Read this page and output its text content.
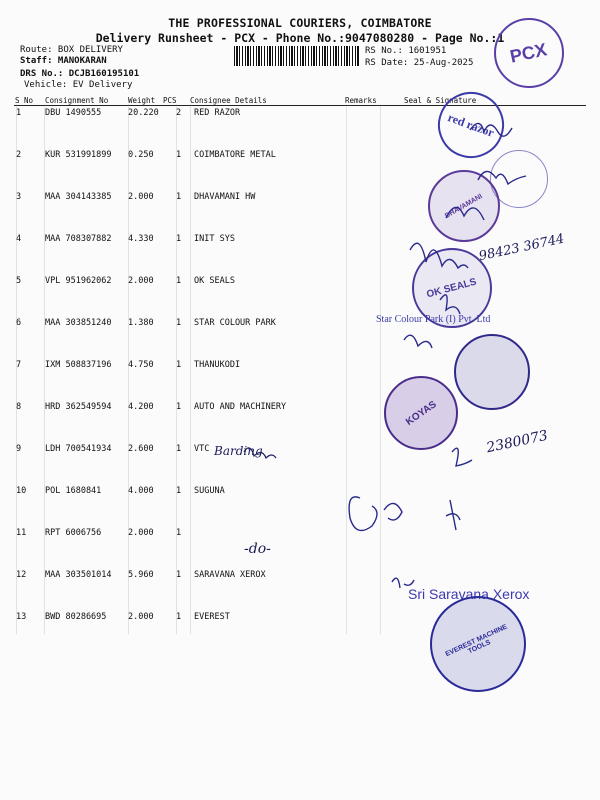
THE PROFESSIONAL COURIERS, COIMBATORE
Delivery Runsheet - PCX - Phone No.:9047080280 - Page No.:1
Route: BOX DELIVERY
Staff: MANOKARAN
DRS No.: DCJB160195101
Vehicle: EV Delivery
RS No.: 1601951
RS Date: 25-Aug-2025 PCX
S No Consignment No	Weight PCS Consignee Details	Remarks	Seal & Signature
1	DBU 1490555	20.220 2 RED RAZOR
2	KUR 531991899 0.250	1 COIMBATORE METAL
3	MAA 304143385 2.000	1 DHAVAMANI HW
4	MAA 708307882 4.330	1 INIT SYS
5	VPL 951962062 2.000	1 OK SEALS
6	MAA 303851240 1.380	1 STAR COLOUR PARK
7	IXM 508837196 4.750	1 THANUKODI
8	HRD 362549594 4.200	1 AUTO AND MACHINERY
9	LDH 700541934 2.600	1 VTC
10 POL 1680841	4.000	1 SUGUNA
11 RPT 6006756	2.000	1
12 MAA 303501014 5.960	1 SARAVANA XEROX
13 BWD 80286695	2.000	1 EVEREST
red razor
DHAVAMANI
OK SEALS
Star Colour Park (I) Pvt. Ltd
KOYAS
Sri Saravana Xerox
EVEREST MACHINE TOOLS
Barding
98423 36744
2380073
-do-
